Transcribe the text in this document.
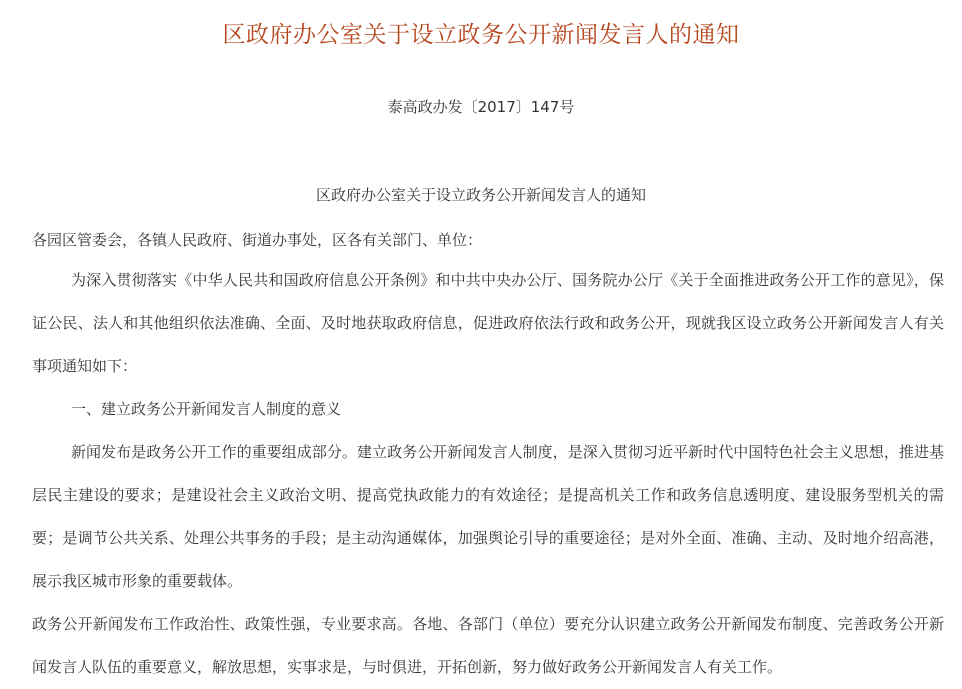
区政府办公室关于设立政务公开新闻发言人的通知
泰高政办发〔2017〕147号
区政府办公室关于设立政务公开新闻发言人的通知

各园区管委会，各镇人民政府、街道办事处，区各有关部门、单位：

为深入贯彻落实《中华人民共和国政府信息公开条例》和中共中央办公厅、国务院办公厅《关于全面推进政务公开工作的意见》，保证公民、法人和其他组织依法准确、全面、及时地获取政府信息，促进政府依法行政和政务公开，现就我区设立政务公开新闻发言人有关事项通知如下：

一、建立政务公开新闻发言人制度的意义

新闻发布是政务公开工作的重要组成部分。建立政务公开新闻发言人制度，是深入贯彻习近平新时代中国特色社会主义思想，推进基层民主建设的要求；是建设社会主义政治文明、提高党执政能力的有效途径；是提高机关工作和政务信息透明度、建设服务型机关的需要；是调节公共关系、处理公共事务的手段；是主动沟通媒体，加强舆论引导的重要途径；是对外全面、准确、主动、及时地介绍高港，展示我区城市形象的重要载体。

政务公开新闻发布工作政治性、政策性强，专业要求高。各地、各部门（单位）要充分认识建立政务公开新闻发布制度、完善政务公开新闻发言人队伍的重要意义，解放思想，实事求是，与时俱进，开拓创新，努力做好政务公开新闻发言人有关工作。
